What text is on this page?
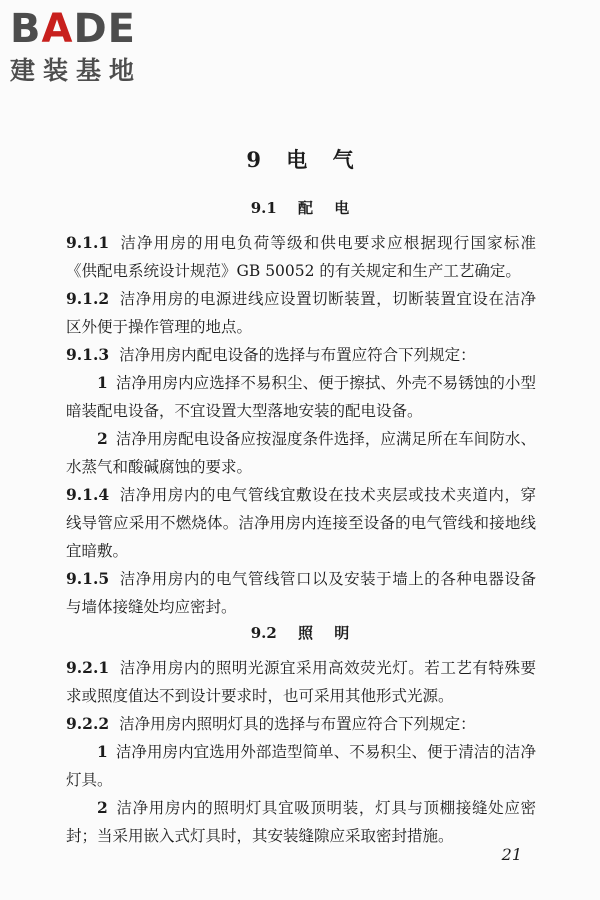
BADE
建装基地
9 电 气
9.1 配 电

9.1.1 洁净用房的用电负荷等级和供电要求应根据现行国家标准《供配电系统设计规范》GB 50052 的有关规定和生产工艺确定。

9.1.2 洁净用房的电源进线应设置切断装置，切断装置宜设在洁净区外便于操作管理的地点。

9.1.3 洁净用房内配电设备的选择与布置应符合下列规定：

1 洁净用房内应选择不易积尘、便于擦拭、外壳不易锈蚀的小型暗装配电设备，不宜设置大型落地安装的配电设备。

2 洁净用房配电设备应按湿度条件选择，应满足所在车间防水、水蒸气和酸碱腐蚀的要求。

9.1.4 洁净用房内的电气管线宜敷设在技术夹层或技术夹道内，穿线导管应采用不燃烧体。洁净用房内连接至设备的电气管线和接地线宜暗敷。

9.1.5 洁净用房内的电气管线管口以及安装于墙上的各种电器设备与墙体接缝处均应密封。

9.2 照 明

9.2.1 洁净用房内的照明光源宜采用高效荧光灯。若工艺有特殊要求或照度值达不到设计要求时，也可采用其他形式光源。

9.2.2 洁净用房内照明灯具的选择与布置应符合下列规定：

1 洁净用房内宜选用外部造型简单、不易积尘、便于清洁的洁净灯具。

2 洁净用房内的照明灯具宜吸顶明装，灯具与顶棚接缝处应密封；当采用嵌入式灯具时，其安装缝隙应采取密封措施。

21
